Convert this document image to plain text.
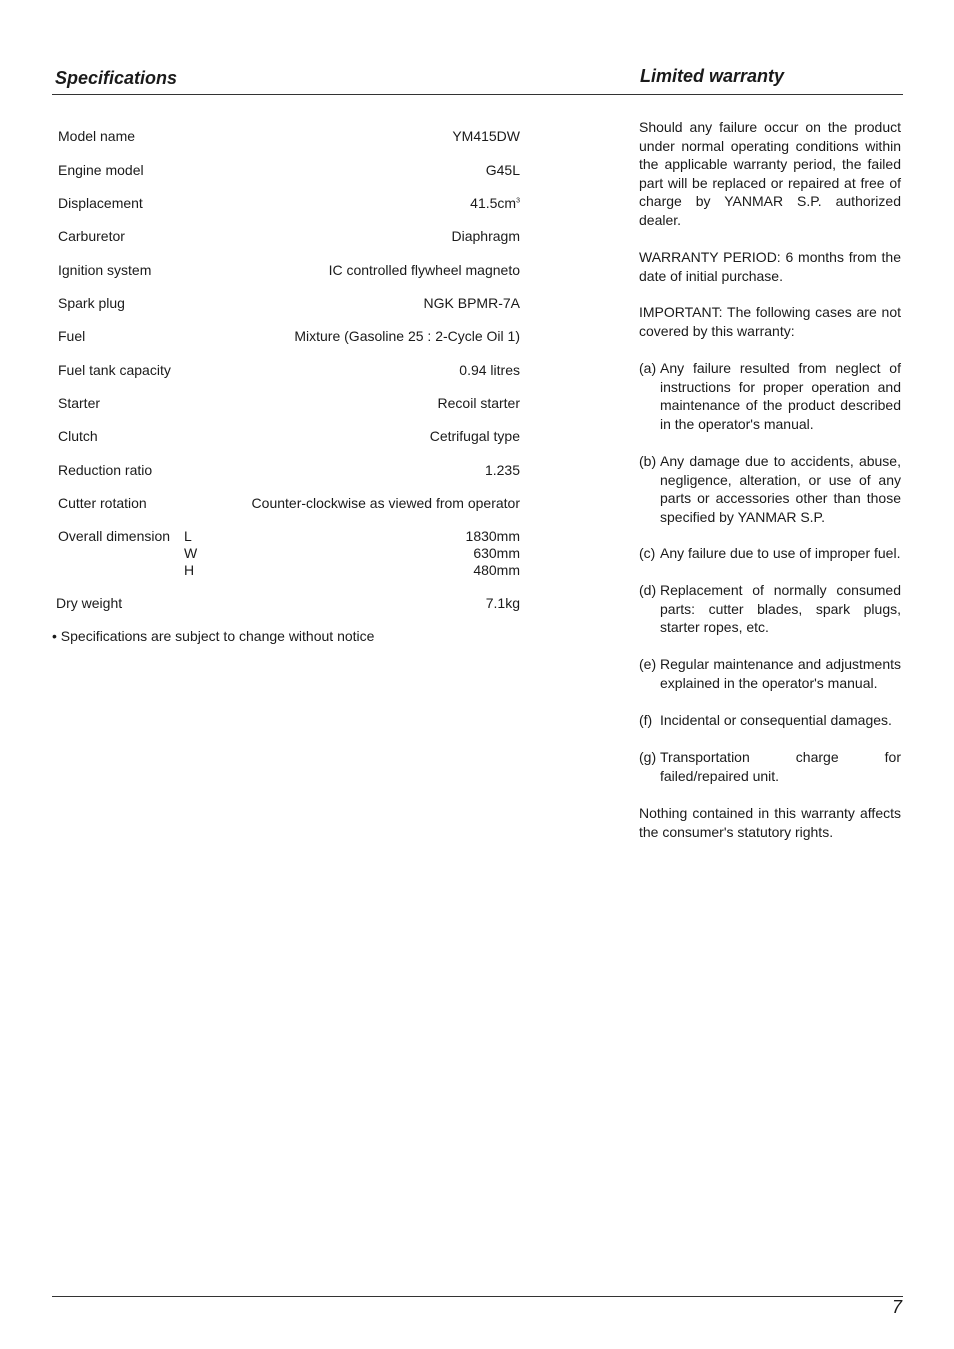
Specifications	Limited warranty
Model name	YM415DW
Engine model	G45L
Displacement	$41.5cm^3$
Carburetor	Diaphragm
Ignition system	IC controlled flywheel magneto
Spark plug	NGK BPMR-7A
Fuel	Mixture (Gasoline 25 : 2-Cycle Oil 1)
Fuel tank capacity	0.94 litres
Starter	Recoil starter
Clutch	Cetrifugal type
Reduction ratio	1.235
Cutter rotation	Counter-clockwise as viewed from operator
Overall dimension L	1830mm
W	630mm
H	480mm
Dry weight	7.1kg
• Specifications are subject to change without notice
Should any failure occur on the product under normal operating conditions within the applicable warranty period, the failed part will be replaced or repaired at free of charge by YANMAR S.P. authorized dealer.
WARRANTY PERIOD: 6 months from the date of initial purchase.
IMPORTANT: The following cases are not covered by this warranty:
(a) Any failure resulted from neglect of instructions for proper operation and maintenance of the product described in the operator's manual.
(b) Any damage due to accidents, abuse, negligence, alteration, or use of any parts or accessories other than those specified by YANMAR S.P.
(c) Any failure due to use of improper fuel.
(d) Replacement of normally consumed parts: cutter blades, spark plugs, starter ropes, etc.
(e) Regular maintenance and adjustments explained in the operator's manual.
(f) Incidental or consequential damages.
(g) Transportation charge for failed/repaired unit.
Nothing contained in this warranty affects the consumer's statutory rights.
7
